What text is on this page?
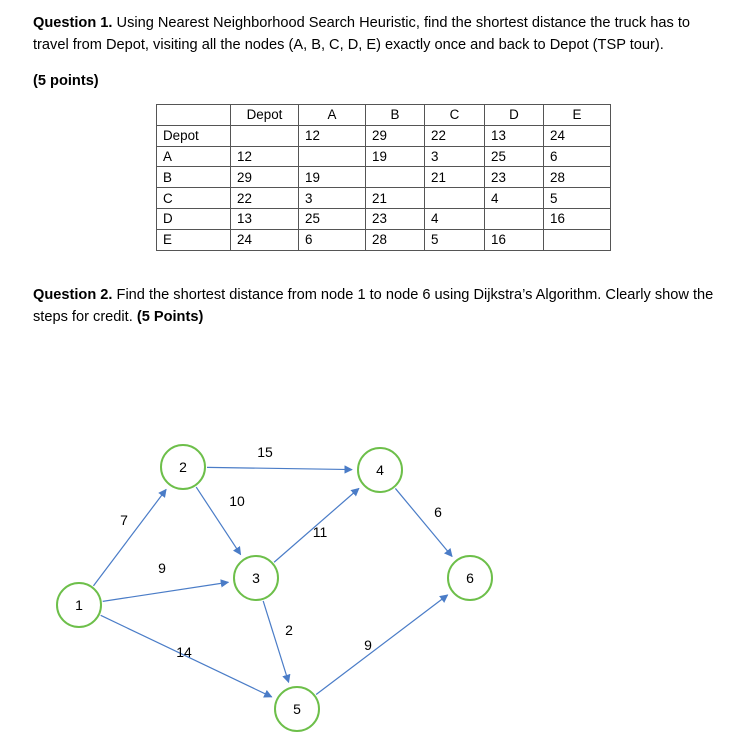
Question 1. Using Nearest Neighborhood Search Heuristic, find the shortest distance the truck has to travel from Depot, visiting all the nodes (A, B, C, D, E) exactly once and back to Depot (TSP tour).
(5 points)
	Depot	A	B	C	D	E
Depot		12	29	22	13	24
A	12		19	3	25	6
B	29	19		21	23	28
C	22	3	21		4	5
D	13	25	23	4		16
E	24	6	28	5	16	
Question 2. Find the shortest distance from node 1 to node 6 using Dijkstra’s Algorithm. Clearly show the steps for credit. (5 Points)
1
2
3
4
5
6
7
9
14
15
10
11
2
6
9
